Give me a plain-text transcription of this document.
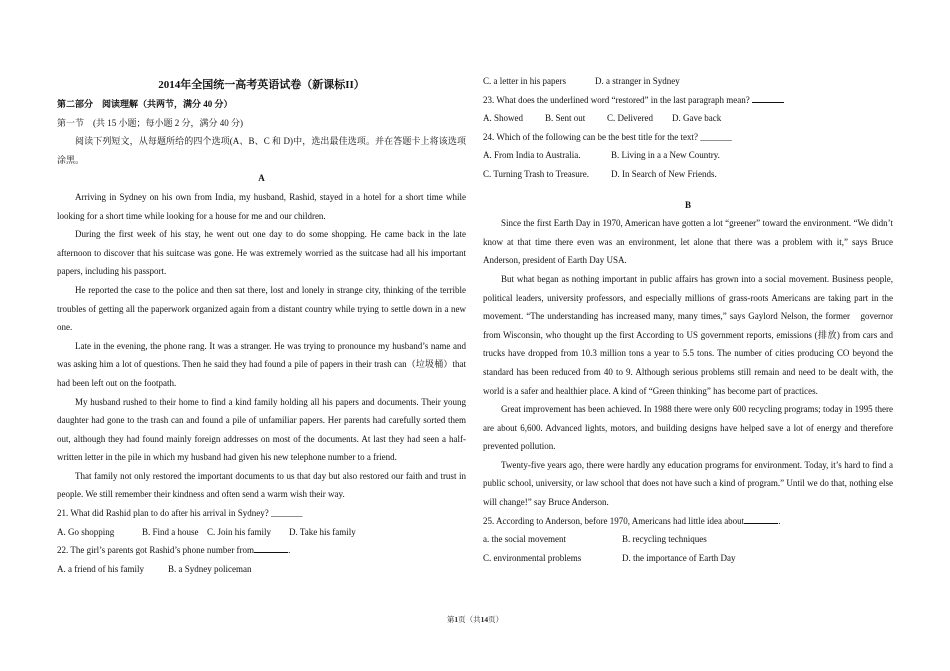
2014年全国统一高考英语试卷（新课标II）

第二部分　阅读理解（共两节，满分 40 分）

第一节　(共 15 小题；每小题 2 分，满分 40 分)

阅读下列短文，从每题所给的四个选项(A、B、C 和 D)中，选出最佳选项。并在答题卡上将该选项涂黑。

A

Arriving in Sydney on his own from India, my husband, Rashid, stayed in a hotel for a short time while looking for a short time while looking for a house for me and our children.

During the first week of his stay, he went out one day to do some shopping. He came back in the late afternoon to discover that his suitcase was gone. He was extremely worried as the suitcase had all his important papers, including his passport.

He reported the case to the police and then sat there, lost and lonely in strange city, thinking of the terrible troubles of getting all the paperwork organized again from a distant country while trying to settle down in a new one.

Late in the evening, the phone rang. It was a stranger. He was trying to pronounce my husband’s name and was asking him a lot of questions. Then he said they had found a pile of papers in their trash can（垃圾桶）that had been left out on the footpath.

My husband rushed to their home to find a kind family holding all his papers and documents. Their young daughter had gone to the trash can and found a pile of unfamiliar papers. Her parents had carefully sorted them out, although they had found mainly foreign addresses on most of the documents. At last they had seen a half-written letter in the pile in which my husband had given his new telephone number to a friend.

That family not only restored the important documents to us that day but also restored our faith and trust in people. We still remember their kindness and often send a warm wish their way.

21. What did Rashid plan to do after his arrival in Sydney? _______

A. Go shopping	B. Find a house C. Join his family D. Take his family

22. The girl’s parents got Rashid’s phone number from	.

A. a friend of his family	B. a Sydney policeman

C. a letter in his papers	D. a stranger in Sydney

23. What does the underlined word “restored” in the last paragraph mean?

A. Showed B. Sent out C. Delivered D. Gave back

24. Which of the following can be the best title for the text? _______

A. From India to Australia.	B. Living in a a New Country.

C. Turning Trash to Treasure. D. In Search of New Friends.

B

Since the first Earth Day in 1970, American have gotten a lot “greener” toward the environment. “We didn’t know at that time there even was an environment, let alone that there was a problem with it,” says Bruce Anderson, president of Earth Day USA.

But what began as nothing important in public affairs has grown into a social movement. Business people, political leaders, university professors, and especially millions of grass-roots Americans are taking part in the movement. “The understanding has increased many, many times,” says Gaylord Nelson, the former　governor from Wisconsin, who thought up the first According to US government reports, emissions (排放) from cars and trucks have dropped from 10.3 million tons a year to 5.5 tons. The number of cities producing CO beyond the standard has been reduced from 40 to 9. Although serious problems still remain and need to be dealt with, the world is a safer and healthier place. A kind of “Green thinking” has become part of practices.

Great improvement has been achieved. In 1988 there were only 600 recycling programs; today in 1995 there are about 6,600. Advanced lights, motors, and building designs have helped save a lot of energy and therefore prevented pollution.

Twenty-five years ago, there were hardly any education programs for environment. Today, it’s hard to find a public school, university, or law school that does not have such a kind of program.” Until we do that, nothing else will change!” say Bruce Anderson.

25. According to Anderson, before 1970, Americans had little idea about	.

a. the social movement	B. recycling techniques

C. environmental problems	D. the importance of Earth Day

第1页（共14页）
